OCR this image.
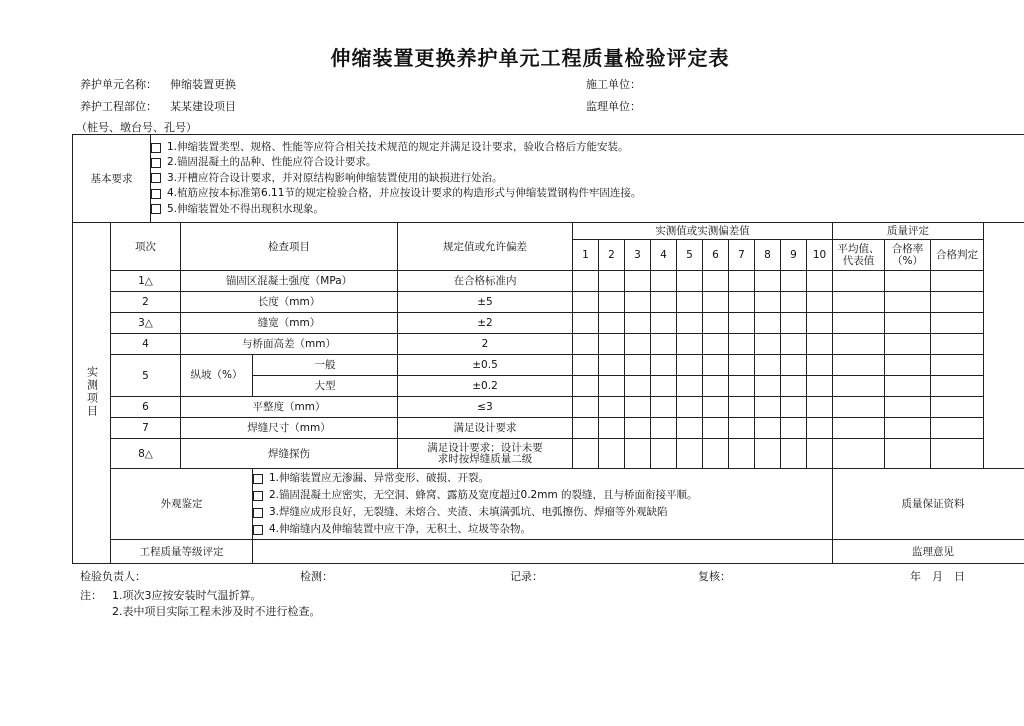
伸缩装置更换养护单元工程质量检验评定表
养护单元名称： 伸缩装置更换	施工单位：
养护工程部位： 某某建设项目	监理单位：
（桩号、墩台号、孔号）
基本要求		1.伸缩装置类型、规格、性能等应符合相关技术规范的规定并满足设计要求，验收合格后方能安装。
2.锚固混凝土的品种、性能应符合设计要求。
3.开槽应符合设计要求，并对原结构影响伸缩装置使用的缺损进行处治。
4.植筋应按本标准第6.11节的规定检验合格，并应按设计要求的构造形式与伸缩装置钢构件牢固连接。
5.伸缩装置处不得出现积水现象。																	

实测项目	项次		检查项目		规定值或允许偏差	实测值或实测偏差值										质量评定			
						1	2	3	4	5	6	7	8	9	10	平均值、代表值	合格率（%）	合格判定	
	1△		锚固区混凝土强度（MPa）		在合格标准内														
	2		长度（mm）		±5														
	3△		缝宽（mm）		±2														
	4		与桥面高差（mm）		2														
	5		纵坡（%）	一般	±0.5														
				大型	±0.2														
	6		平整度（mm）		≤3														
	7		焊缝尺寸（mm）		满足设计要求														
	8△		焊缝探伤		满足设计要求；设计未要求时按焊缝质量二级														
	外观鉴定			1.伸缩装置应无渗漏、异常变形、破损、开裂。
2.锚固混凝土应密实，无空洞、蜂窝、露筋及宽度超过0.2mm 的裂缝，且与桥面衔接平顺。
3.焊缝应成形良好，无裂缝、未熔合、夹渣、未填满弧坑、电弧擦伤、焊瘤等外观缺陷
4.伸缩缝内及伸缩装置中应干净，无积土、垃圾等杂物。												质量保证资料			
	工程质量等级评定															监理意见			
检验负责人：	检测：	记录：	复核：	年　月　日
注： 1.项次3应按安装时气温折算。
2.表中项目实际工程未涉及时不进行检查。
